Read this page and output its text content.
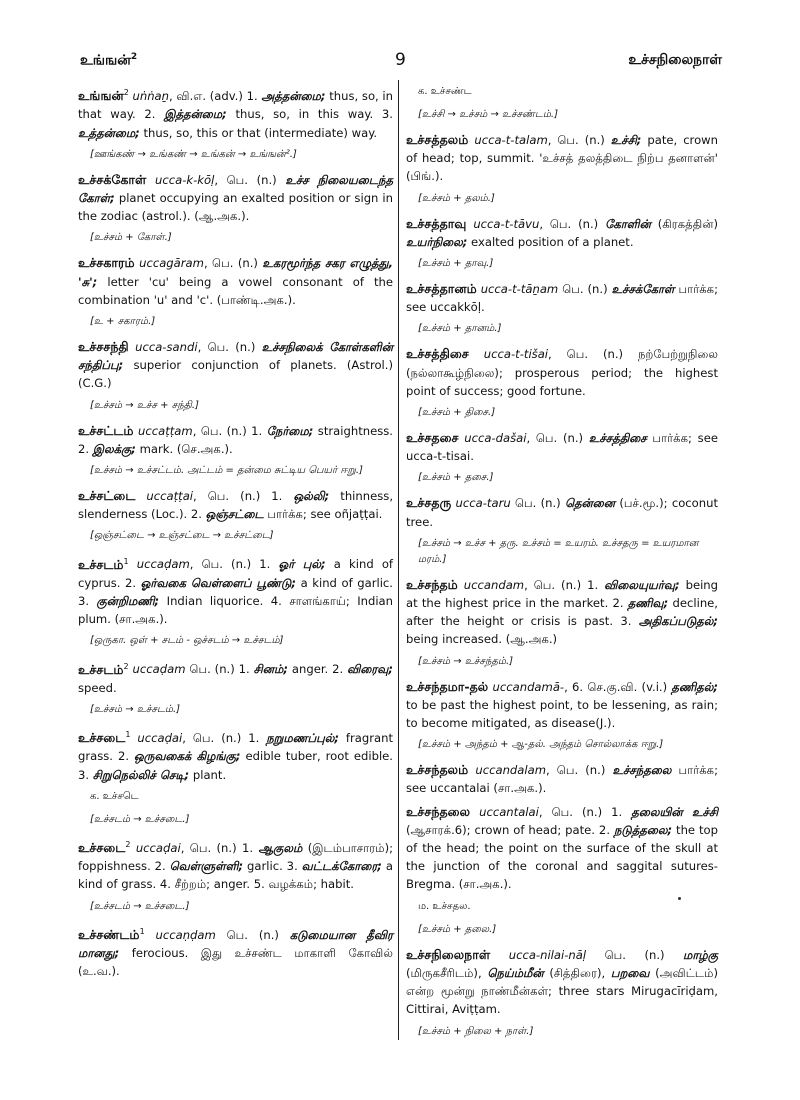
உங்ஙன்$^2$	9	உச்சநிலைநாள்

உங்ஙன்$^2$ uṅṅaṉ, வி.எ. (adv.) 1. அத்தன்மை; thus, so, in that way. 2. இத்தன்மை; thus, so, in this way. 3. உத்தன்மை; thus, so, this or that (intermediate) way.

[ஊங்கண் → உங்கண் → உங்கன் → உங்ஙன்².]

உச்சக்கோள் ucca-k-kōḷ, பெ. (n.) உச்ச நிலையடைந்த கோள்; planet occupying an exalted position or sign in the zodiac (astrol.). (ஆ.அக.).

[உச்சம் + கோள்.]

உச்சகாரம் uccagāram, பெ. (n.) உகரமூர்ந்த சகர எழுத்து, 'சு'; letter 'cu' being a vowel consonant of the combination 'u' and 'c'. (பாண்டி.அக.).

[உ + சகாரம்.]

உச்சசந்தி ucca-sandi, பெ. (n.) உச்சநிலைக் கோள்களின் சந்திப்பு; superior conjunction of planets. (Astrol.) (C.G.)

[உச்சம் → உச்ச + சந்தி.]

உச்சட்டம் uccaṭṭam, பெ. (n.) 1. நேர்மை; straightness. 2. இலக்கு; mark. (செ.அக.).

[உச்சம் → உச்சட்டம். அட்டம் = தன்மை சுட்டிய பெயர் ஈறு.]

உச்சட்டை uccaṭṭai, பெ. (n.) 1. ஒல்லி; thinness, slenderness (Loc.). 2. ஒஞ்சட்டை பார்க்க; see oñjaṭṭai.

[ஒஞ்சட்டை → உஞ்சட்டை → உச்சட்டை]

உச்சடம்$^1$ uccaḍam, பெ. (n.) 1. ஓர் புல்; a kind of cyprus. 2. ஓர்வகை வெள்ளைப் பூண்டு; a kind of garlic. 3. குன்றிமணி; Indian liquorice. 4. சாளங்காய்; Indian plum. (சா.அக.).

[ஒருகா. ஒள் + சடம் - ஒச்சடம் → உச்சடம்]

உச்சடம்$^2$ uccaḍam பெ. (n.) 1. சினம்; anger. 2. விரைவு; speed.

[உச்சம் → உச்சடம்.]

உச்சடை$^1$ uccaḍai, பெ. (n.) 1. நறுமணப்புல்; fragrant grass. 2. ஒருவகைக் கிழங்கு; edible tuber, root edible. 3. சிறுநெல்லிச் செடி; plant.

க. உச்சடெ
[உச்சடம் → உச்சடை.]

உச்சடை$^2$ uccaḍai, பெ. (n.) 1. ஆகுலம் (இடம்பாசாரம்); foppishness. 2. வெள்ளுள்ளி; garlic. 3. வட்டக்கோரை; a kind of grass. 4. சீற்றம்; anger. 5. வழக்கம்; habit.

[உச்சடம் → உச்சடை.]

உச்சண்டம்$^1$ uccaṇḍam பெ. (n.) கடுமையான தீவிர மானது; ferocious. இது உச்சண்ட மாகாளி கோவில் (உ.வ.).

க. உச்சண்ட
[உச்சி → உச்சம் → உச்சண்டம்.]

உச்சத்தலம் ucca-t-talam, பெ. (n.) உச்சி; pate, crown of head; top, summit. 'உச்சத் தலத்திடை நிற்ப தனாளன்' (பிங்.).

[உச்சம் + தலம்.]

உச்சத்தாவு ucca-t-tāvu, பெ. (n.) கோளின் (கிரகத்தின்) உயர்நிலை; exalted position of a planet.

[உச்சம் + தாவு.]

உச்சத்தானம் ucca-t-tāṉam பெ. (n.) உச்சக்கோள் பார்க்க; see uccakkōḷ.

[உச்சம் + தானம்.]

உச்சத்திசை ucca-t-tišai, பெ. (n.) நற்பேற்றுநிலை (நல்லாகூழ்நிலை); prosperous period; the highest point of success; good fortune.

[உச்சம் + திசை.]

உச்சதசை ucca-dašai, பெ. (n.) உச்சத்திசை பார்க்க; see ucca-t-tisai.

[உச்சம் + தசை.]

உச்சதரு ucca-taru பெ. (n.) தென்னை (பச்.மூ.); coconut tree.

[உச்சம் → உச்ச + தரு. உச்சம் = உயரம். உச்சதரு = உயரமான மரம்.]

உச்சந்தம் uccandam, பெ. (n.) 1. விலையுயர்வு; being at the highest price in the market. 2. தணிவு; decline, after the height or crisis is past. 3. அதிகப்படுதல்; being increased. (ஆ.அக.)

[உச்சம் → உச்சந்தம்.]

உச்சந்தமா-தல் uccandamā-, 6. செ.கு.வி. (v.i.) தணிதல்; to be past the highest point, to be lessening, as rain; to become mitigated, as disease(J.).

[உச்சம் + அந்தம் + ஆ-தல். அந்தம் சொல்லாக்க ஈறு.]

உச்சந்தலம் uccandalam, பெ. (n.) உச்சந்தலை பார்க்க; see uccantalai (சா.அக.).

உச்சந்தலை uccantalai, பெ. (n.) 1. தலையின் உச்சி (ஆசாரக்.6); crown of head; pate. 2. நடுத்தலை; the top of the head; the point on the surface of the skull at the junction of the coronal and saggital sutures-Bregma. (சா.அக.).

ம. உச்சதல.
[உச்சம் + தலை.]

உச்சநிலைநாள் ucca-nilai-nāḷ பெ. (n.) மாழ்கு (மிருகசீரிடம்), நெய்ம்மீன் (சித்திரை), பறவை (அவிட்டம்) என்ற மூன்று நாண்மீன்கள்; three stars Mirugacīriḍam, Cittirai, Aviṭṭam.

[உச்சம் + நிலை + நாள்.]
